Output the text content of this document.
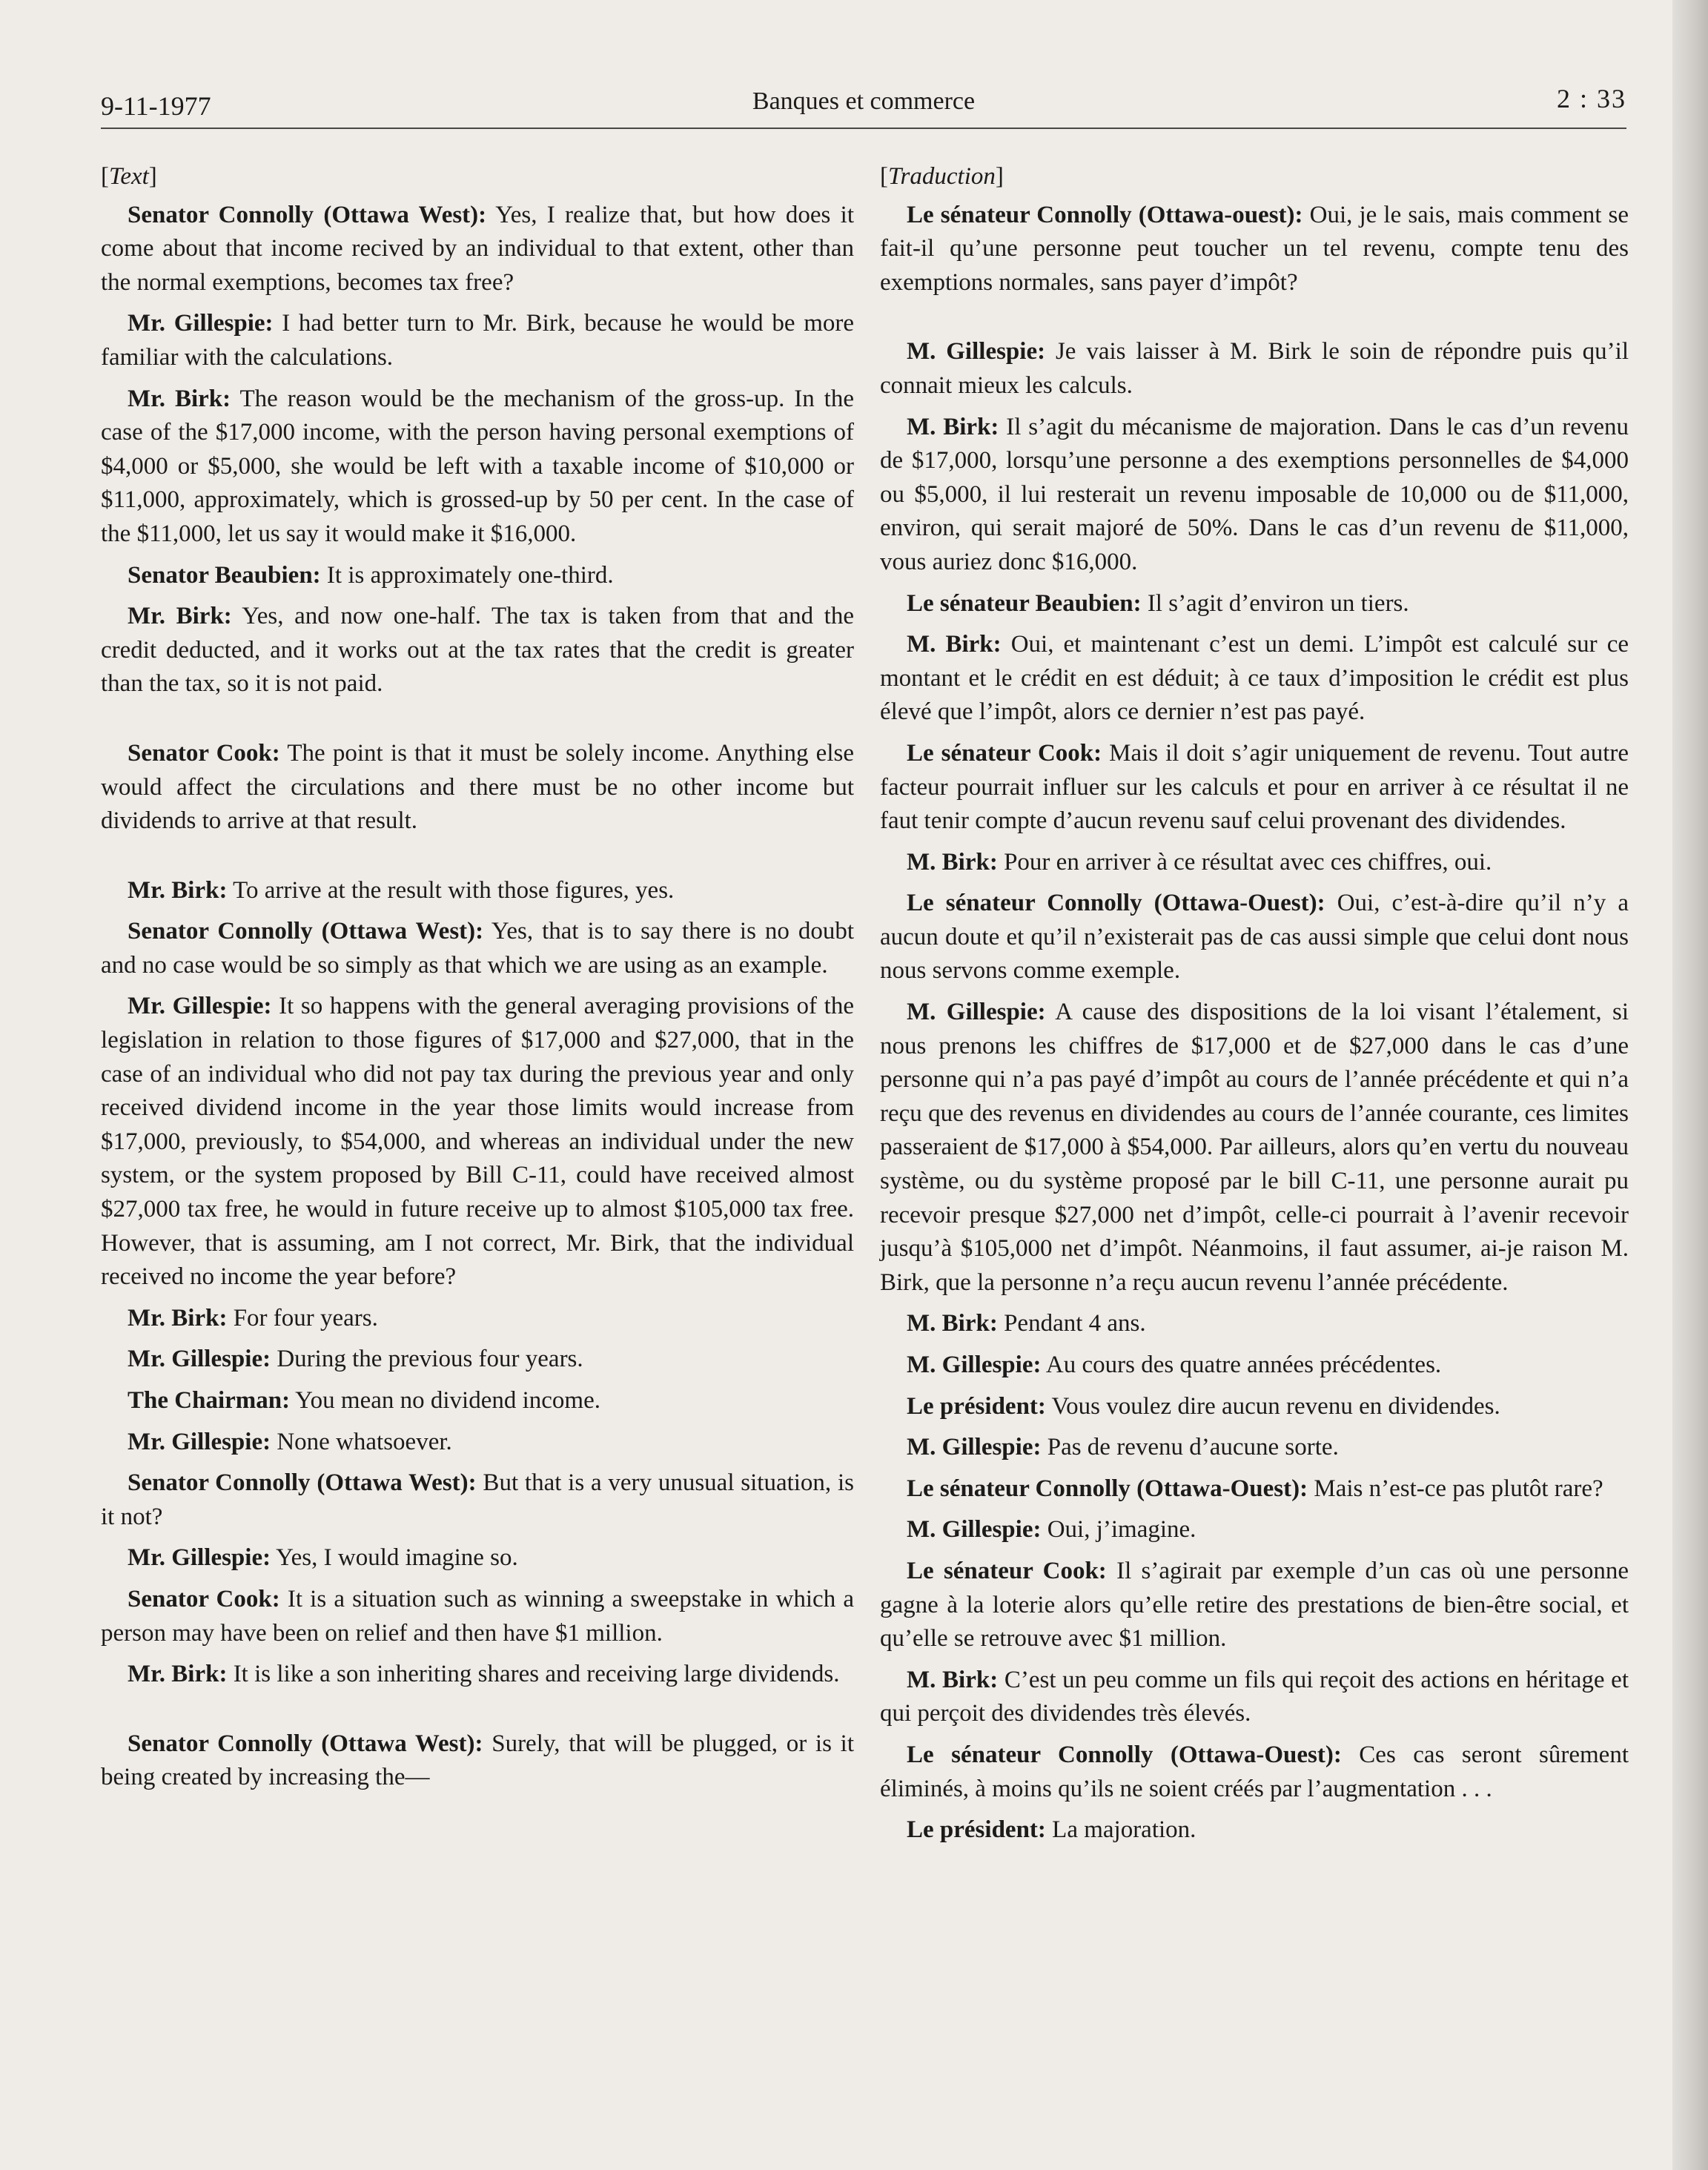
9-11-1977	Banques et commerce	2 : 33
[Text]

Senator Connolly (Ottawa West): Yes, I realize that, but how does it come about that income recived by an individual to that extent, other than the normal exemptions, becomes tax free?

Mr. Gillespie: I had better turn to Mr. Birk, because he would be more familiar with the calculations.

Mr. Birk: The reason would be the mechanism of the gross-up. In the case of the $17,000 income, with the person having personal exemptions of $4,000 or $5,000, she would be left with a taxable income of $10,000 or $11,000, approximately, which is grossed-up by 50 per cent. In the case of the $11,000, let us say it would make it $16,000.

Senator Beaubien: It is approximately one-third.

Mr. Birk: Yes, and now one-half. The tax is taken from that and the credit deducted, and it works out at the tax rates that the credit is greater than the tax, so it is not paid.

Senator Cook: The point is that it must be solely income. Anything else would affect the circulations and there must be no other income but dividends to arrive at that result.

Mr. Birk: To arrive at the result with those figures, yes.

Senator Connolly (Ottawa West): Yes, that is to say there is no doubt and no case would be so simply as that which we are using as an example.

Mr. Gillespie: It so happens with the general averaging provisions of the legislation in relation to those figures of $17,000 and $27,000, that in the case of an individual who did not pay tax during the previous year and only received dividend income in the year those limits would increase from $17,000, previously, to $54,000, and whereas an individual under the new system, or the system proposed by Bill C-11, could have received almost $27,000 tax free, he would in future receive up to almost $105,000 tax free. However, that is assuming, am I not correct, Mr. Birk, that the individual received no income the year before?

Mr. Birk: For four years.

Mr. Gillespie: During the previous four years.

The Chairman: You mean no dividend income.

Mr. Gillespie: None whatsoever.

Senator Connolly (Ottawa West): But that is a very unusual situation, is it not?

Mr. Gillespie: Yes, I would imagine so.

Senator Cook: It is a situation such as winning a sweepstake in which a person may have been on relief and then have $1 million.

Mr. Birk: It is like a son inheriting shares and receiving large dividends.

Senator Connolly (Ottawa West): Surely, that will be plugged, or is it being created by increasing the—

[Traduction]

Le sénateur Connolly (Ottawa-ouest): Oui, je le sais, mais comment se fait-il qu’une personne peut toucher un tel revenu, compte tenu des exemptions normales, sans payer d’impôt?

M. Gillespie: Je vais laisser à M. Birk le soin de répondre puis qu’il connait mieux les calculs.

M. Birk: Il s’agit du mécanisme de majoration. Dans le cas d’un revenu de $17,000, lorsqu’une personne a des exemptions personnelles de $4,000 ou $5,000, il lui resterait un revenu imposable de 10,000 ou de $11,000, environ, qui serait majoré de 50%. Dans le cas d’un revenu de $11,000, vous auriez donc $16,000.

Le sénateur Beaubien: Il s’agit d’environ un tiers.

M. Birk: Oui, et maintenant c’est un demi. L’impôt est calculé sur ce montant et le crédit en est déduit; à ce taux d’imposition le crédit est plus élevé que l’impôt, alors ce dernier n’est pas payé.

Le sénateur Cook: Mais il doit s’agir uniquement de revenu. Tout autre facteur pourrait influer sur les calculs et pour en arriver à ce résultat il ne faut tenir compte d’aucun revenu sauf celui provenant des dividendes.

M. Birk: Pour en arriver à ce résultat avec ces chiffres, oui.

Le sénateur Connolly (Ottawa-Ouest): Oui, c’est-à-dire qu’il n’y a aucun doute et qu’il n’existerait pas de cas aussi simple que celui dont nous nous servons comme exemple.

M. Gillespie: A cause des dispositions de la loi visant l’étalement, si nous prenons les chiffres de $17,000 et de $27,000 dans le cas d’une personne qui n’a pas payé d’impôt au cours de l’année précédente et qui n’a reçu que des revenus en dividendes au cours de l’année courante, ces limites passeraient de $17,000 à $54,000. Par ailleurs, alors qu’en vertu du nouveau système, ou du système proposé par le bill C-11, une personne aurait pu recevoir presque $27,000 net d’impôt, celle-ci pourrait à l’avenir recevoir jusqu’à $105,000 net d’impôt. Néanmoins, il faut assumer, ai-je raison M. Birk, que la personne n’a reçu aucun revenu l’année précédente.

M. Birk: Pendant 4 ans.

M. Gillespie: Au cours des quatre années précédentes.

Le président: Vous voulez dire aucun revenu en dividendes.

M. Gillespie: Pas de revenu d’aucune sorte.

Le sénateur Connolly (Ottawa-Ouest): Mais n’est-ce pas plutôt rare?

M. Gillespie: Oui, j’imagine.

Le sénateur Cook: Il s’agirait par exemple d’un cas où une personne gagne à la loterie alors qu’elle retire des prestations de bien-être social, et qu’elle se retrouve avec $1 million.

M. Birk: C’est un peu comme un fils qui reçoit des actions en héritage et qui perçoit des dividendes très élevés.

Le sénateur Connolly (Ottawa-Ouest): Ces cas seront sûrement éliminés, à moins qu’ils ne soient créés par l’augmentation . . .

Le président: La majoration.
